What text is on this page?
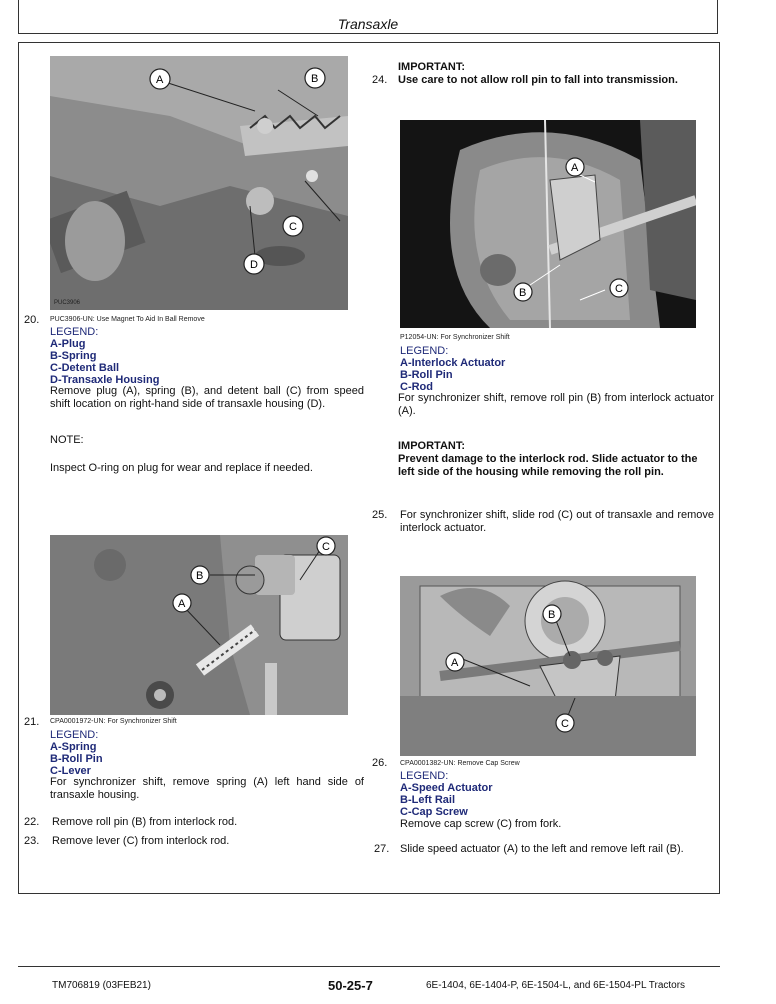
Transaxle
A	B
C
D
PUC3906
20. PUC3906-UN: Use Magnet To Aid In Ball Remove
LEGEND:
A-Plug
B-Spring
C-Detent Ball
D-Transaxle Housing
Remove plug (A), spring (B), and detent ball (C) from speed shift location on right-hand side of transaxle housing (D).
NOTE:
Inspect O-ring on plug for wear and replace if needed.
A
B
C
21. CPA0001972-UN: For Synchronizer Shift
LEGEND:
A-Spring
B-Roll Pin
C-Lever
For synchronizer shift, remove spring (A) left hand side of transaxle housing.
22. Remove roll pin (B) from interlock rod.
23. Remove lever (C) from interlock rod.
IMPORTANT:
24. Use care to not allow roll pin to fall into transmission.
A
B	C
P12054-UN: For Synchronizer Shift
LEGEND:
A-Interlock Actuator
B-Roll Pin
C-Rod
For synchronizer shift, remove roll pin (B) from interlock actuator (A).
IMPORTANT:
Prevent damage to the interlock rod. Slide actuator to the left side of the housing while removing the roll pin.
25. For synchronizer shift, slide rod (C) out of transaxle and remove interlock actuator.
A
B
C
26. CPA0001382-UN: Remove Cap Screw
LEGEND:
A-Speed Actuator
B-Left Rail
C-Cap Screw
Remove cap screw (C) from fork.
27. Slide speed actuator (A) to the left and remove left rail (B).
TM706819 (03FEB21)	50-25-7	6E-1404, 6E-1404-P, 6E-1504-L, and 6E-1504-PL Tractors
